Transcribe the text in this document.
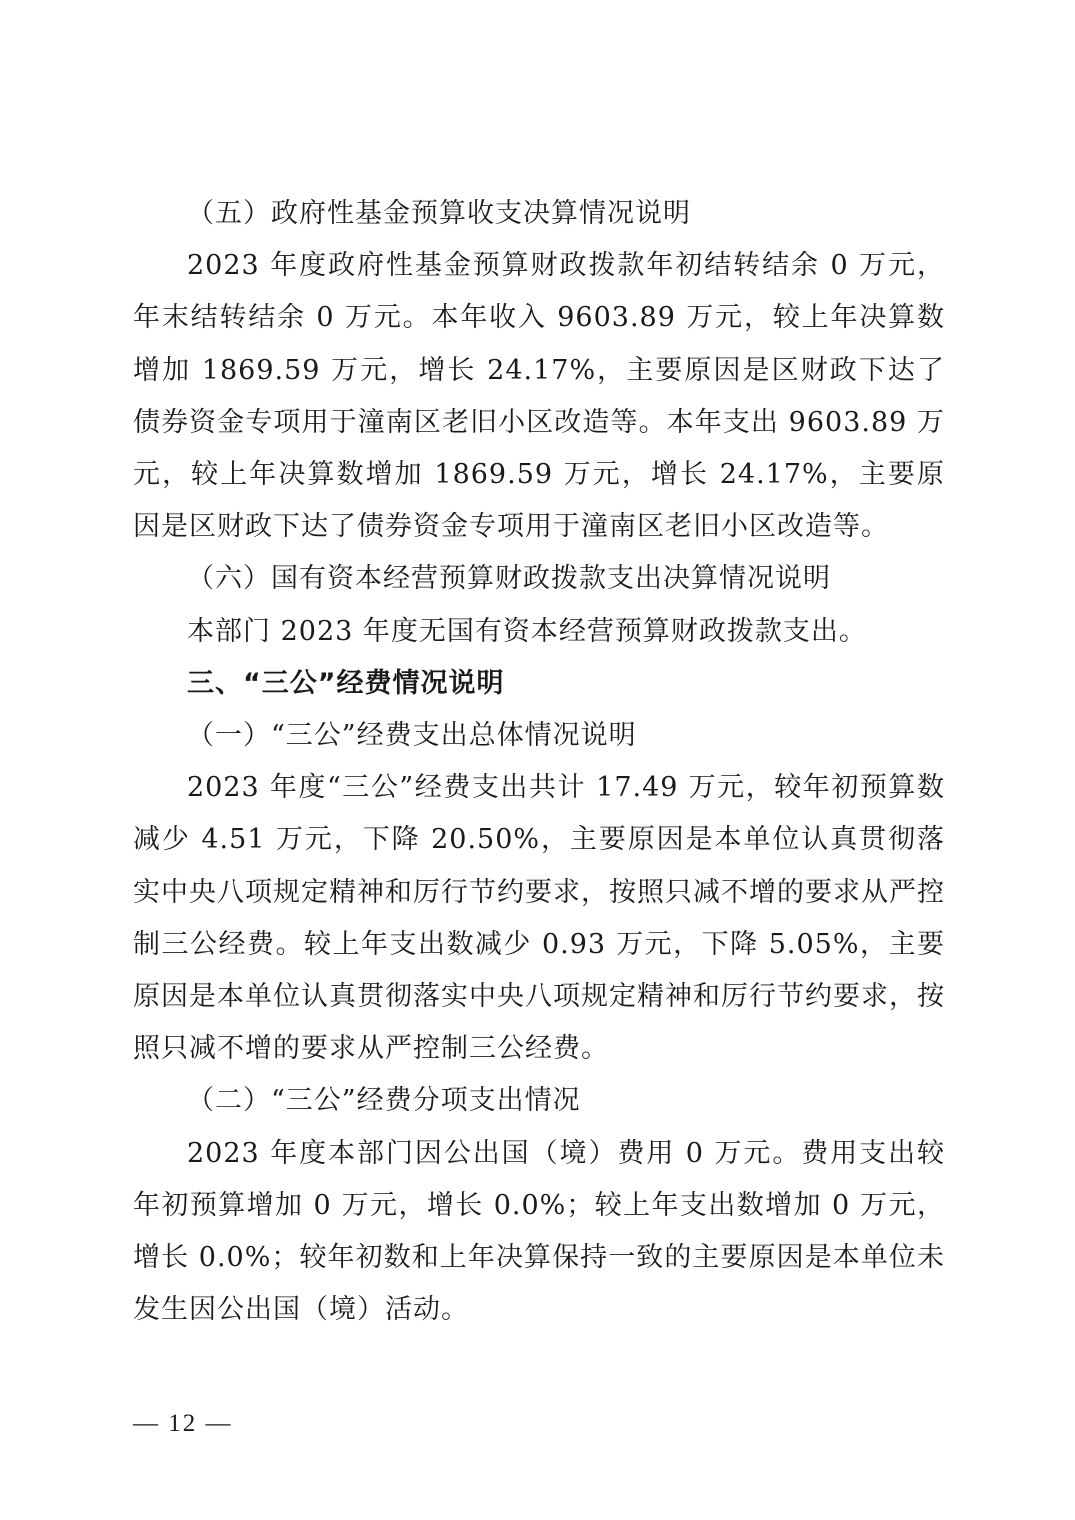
（五）政府性基金预算收支决算情况说明

2023 年度政府性基金预算财政拨款年初结转结余 0 万元，年末结转结余 0 万元。本年收入 9603.89 万元，较上年决算数增加 1869.59 万元，增长 24.17%，主要原因是区财政下达了债券资金专项用于潼南区老旧小区改造等。本年支出 9603.89 万元，较上年决算数增加 1869.59 万元，增长 24.17%，主要原因是区财政下达了债券资金专项用于潼南区老旧小区改造等。

（六）国有资本经营预算财政拨款支出决算情况说明

本部门 2023 年度无国有资本经营预算财政拨款支出。

三、“三公”经费情况说明

（一）“三公”经费支出总体情况说明

2023 年度“三公”经费支出共计 17.49 万元，较年初预算数减少 4.51 万元，下降 20.50%，主要原因是本单位认真贯彻落实中央八项规定精神和厉行节约要求，按照只减不增的要求从严控制三公经费。较上年支出数减少 0.93 万元，下降 5.05%，主要原因是本单位认真贯彻落实中央八项规定精神和厉行节约要求，按照只减不增的要求从严控制三公经费。

（二）“三公”经费分项支出情况

2023 年度本部门因公出国（境）费用 0 万元。费用支出较年初预算增加 0 万元，增长 0.0%；较上年支出数增加 0 万元，增长 0.0%；较年初数和上年决算保持一致的主要原因是本单位未发生因公出国（境）活动。

— 12 —
